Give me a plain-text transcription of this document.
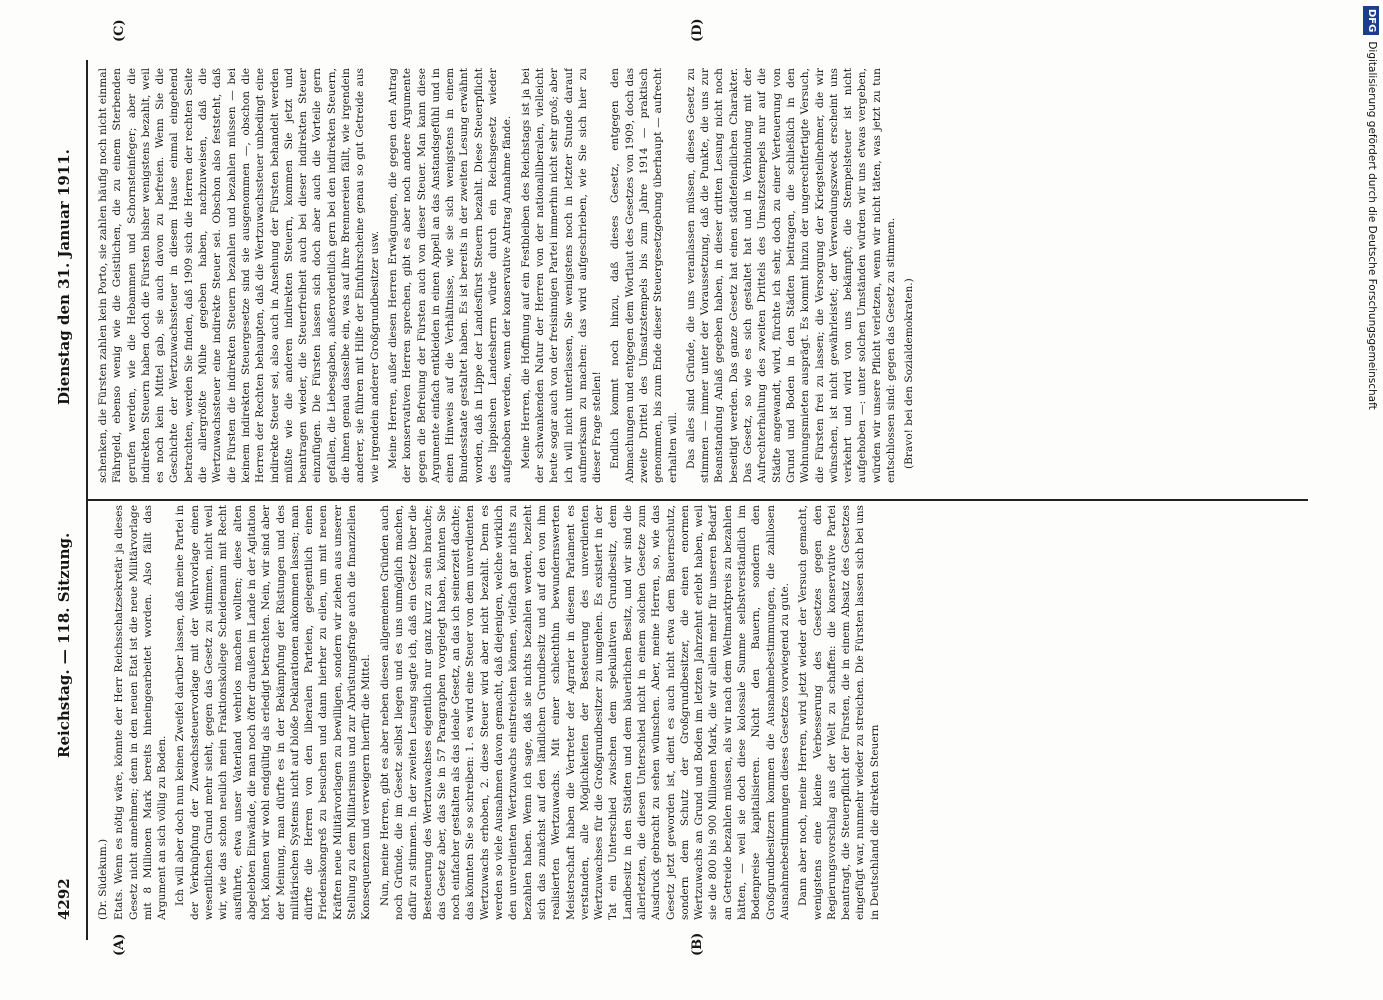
4292
Reichstag. — 118. Sitzung.
Dienstag den 31. Januar 1911.
(A)	(B)
(C)	(D)
(Dr. Südekum.) Etats. Wenn es nötig wäre, könnte der Herr Reichsschatzsekretär ja dieses Gesetz nicht annehmen; denn in den neuen Etat ist die neue Militärvorlage mit 8 Millionen Mark bereits hineingearbeitet worden. Also fällt das Argument an sich völlig zu Boden. Ich will aber doch nun keinen Zweifel darüber lassen, daß meine Partei in der Verknüpfung der Zuwachssteuervorlage mit der Wehrvorlage einen wesentlichen Grund mehr sieht, gegen das Gesetz zu stimmen, nicht weil wir, wie das schon neulich mein Fraktionskollege Scheidemann mit Recht ausführte, etwa unser Vaterland wehrlos machen wollten; diese alten abgelebten Einwände, die man noch öfter draußen im Lande in der Agitation hört, können wir wohl endgültig als erledigt betrachten. Nein, wir sind aber der Meinung, man dürfte es in der Bekämpfung der Rüstungen und des militärischen Systems nicht auf bloße Deklarationen ankommen lassen; man dürfte die Herren von den liberalen Parteien, gelegentlich einen Friedenskongreß zu besuchen und dann hierher zu eilen, um mit neuen Kräften neue Militärvorlagen zu bewilligen, sondern wir ziehen aus unserer Stellung zu dem Militarismus und zur Abrüstungsfrage auch die finanziellen Konsequenzen und verweigern hierfür die Mittel. Nun, meine Herren, gibt es aber neben diesen allgemeinen Gründen auch noch Gründe, die im Gesetz selbst liegen und es uns unmöglich machen, dafür zu stimmen. In der zweiten Lesung sagte ich, daß ein Gesetz über die Besteuerung des Wertzuwachses eigentlich nur ganz kurz zu sein brauche; das Gesetz aber, das Sie in 57 Paragraphen vorgelegt haben, könnten Sie noch einfacher gestalten als das ideale Gesetz, an das ich seinerzeit dachte; das könnten Sie so schreiben: 1. es wird eine Steuer von dem unverdienten Wertzuwachs erhoben, 2. diese Steuer wird aber nicht bezahlt. Denn es werden so viele Ausnahmen davon gemacht, daß diejenigen, welche wirklich den unverdienten Wertzuwachs einstreichen können, vielfach gar nichts zu bezahlen haben. Wenn ich sage, daß sie nichts bezahlen werden, bezieht sich das zunächst auf den ländlichen Grundbesitz und auf den von ihm realisierten Wertzuwachs. Mit einer schlechthin bewundernswerten Meisterschaft haben die Vertreter der Agrarier in diesem Parlament es verstanden, alle Möglichkeiten der Besteuerung des unverdienten Wertzuwachses für die Großgrundbesitzer zu umgehen. Es existiert in der Tat ein Unterschied zwischen dem spekulativen Grundbesitz, dem Landbesitz in den Städten und dem bäuerlichen Besitz, und wir sind die allerletzten, die diesen Unterschied nicht in einem solchen Gesetze zum Ausdruck gebracht zu sehen wünschen. Aber, meine Herren, so, wie das Gesetz jetzt geworden ist, dient es auch nicht etwa dem Bauernschutz, sondern dem Schutz der Großgrundbesitzer, die einen enormen Wertzuwachs an Grund und Boden im letzten Jahrzehnt erlebt haben, weil sie die 800 bis 900 Millionen Mark, die wir allein mehr für unseren Bedarf an Getreide bezahlen müssen, als wir nach dem Weltmarktpreis zu bezahlen hätten, — weil sie doch diese kolossale Summe selbstverständlich im Bodenpreise kapitalisieren. Nicht den Bauern, sondern den Großgrundbesitzern kommen die Ausnahmebestimmungen, die zahllosen Ausnahmebestimmungen dieses Gesetzes vorwiegend zu gute. Dann aber noch, meine Herren, wird jetzt wieder der Versuch gemacht, wenigstens eine kleine Verbesserung des Gesetzes gegen den Regierungsvorschlag aus der Welt zu schaffen: die konservative Partei beantragt, die Steuerpflicht der Fürsten, die in einem Absatz des Gesetzes eingefügt war, nunmehr wieder zu streichen. Die Fürsten lassen sich bei uns in Deutschland die direkten Steuern

schenken, die Fürsten zahlen kein Porto, sie zahlen häufig noch nicht einmal Fährgeld, ebenso wenig wie die Geistlichen, die zu einem Sterbenden gerufen werden, wie die Hebammen und Schornsteinfeger; aber die indirekten Steuern haben doch die Fürsten bisher wenigstens bezahlt, weil es noch kein Mittel gab, sie auch davon zu befreien. Wenn Sie die Geschichte der Wertzuwachssteuer in diesem Hause einmal eingehend betrachten, werden Sie finden, daß 1909 sich die Herren der rechten Seite die allergrößte Mühe gegeben haben, nachzuweisen, daß die Wertzuwachssteuer eine indirekte Steuer sei. Obschon also feststeht, daß die Fürsten die indirekten Steuern bezahlen und bezahlen müssen — bei keinem indirekten Steuergesetze sind sie ausgenommen —, obschon die Herren der Rechten behaupten, daß die Wertzuwachssteuer unbedingt eine indirekte Steuer sei, also auch in Ansehung der Fürsten behandelt werden müßte wie die anderen indirekten Steuern, kommen Sie jetzt und beantragen wieder, die Steuerfreiheit auch bei dieser indirekten Steuer einzufügen. Die Fürsten lassen sich doch aber auch die Vorteile gern gefallen, die Liebesgaben, außerordentlich gern bei den indirekten Steuern, die ihnen genau dasselbe ein, was auf ihre Brennereien fällt, wie irgendein anderer, sie führen mit Hilfe der Einfuhrscheine genau so gut Getreide aus wie irgendein anderer Großgrundbesitzer usw. Meine Herren, außer diesen Herren Erwägungen, die gegen den Antrag der konservativen Herren sprechen, gibt es aber noch andere Argumente gegen die Befreiung der Fürsten auch von dieser Steuer. Man kann diese Argumente einfach entkleiden in einen Appell an das Anstandsgefühl und in einen Hinweis auf die Verhältnisse, wie sie sich wenigstens in einem Bundesstaate gestaltet haben. Es ist bereits in der zweiten Lesung erwähnt worden, daß in Lippe der Landesfürst Steuern bezahlt. Diese Steuerpflicht des lippischen Landesherrn würde durch ein Reichsgesetz wieder aufgehoben werden, wenn der konservative Antrag Annahme fände. Meine Herren, die Hoffnung auf ein Festbleiben des Reichstags ist ja bei der schwankenden Natur der Herren von der nationalliberalen, vielleicht heute sogar auch von der freisinnigen Partei immerhin nicht sehr groß; aber ich will nicht unterlassen, Sie wenigstens noch in letzter Stunde darauf aufmerksam zu machen: das wird aufgeschrieben, wie Sie sich hier zu dieser Frage stellen! Endlich kommt noch hinzu, daß dieses Gesetz, entgegen den Abmachungen und entgegen dem Wortlaut des Gesetzes von 1909, doch das zweite Drittel des Umsatzstempels bis zum Jahre 1914 — praktisch genommen, bis zum Ende dieser Steuergesetzgebung überhaupt — aufrecht erhalten will. Das alles sind Gründe, die uns veranlassen müssen, dieses Gesetz zu stimmen — immer unter der Voraussetzung, daß die Punkte, die uns zur Beanstandung Anlaß gegeben haben, in dieser dritten Lesung nicht noch beseitigt werden. Das ganze Gesetz hat einen städtefeindlichen Charakter. Das Gesetz, so wie es sich gestaltet hat und in Verbindung mit der Aufrechterhaltung des zweiten Drittels des Umsatzstempels nur auf die Städte angewandt, wird, fürchte ich sehr, doch zu einer Verteuerung von Grund und Boden in den Städten beitragen, die schließlich in den Wohnungsmieten ausprägt. Es kommt hinzu der ungerechtfertigte Versuch, die Fürsten frei zu lassen; die Versorgung der Kriegsteilnehmer, die wir wünschen, ist nicht gewährleistet; der Verwendungszweck erscheint uns verkehrt und wird von uns bekämpft; die Stempelsteuer ist nicht aufgehoben —: unter solchen Umständen würden wir uns etwas vergeben, würden wir unsere Pflicht verletzen, wenn wir nicht täten, was jetzt zu tun entschlossen sind: gegen das Gesetz zu stimmen. (Bravo! bei den Sozialdemokraten.)

DFGDigitalisierung gefördert durch die Deutsche Forschungsgemeinschaft
